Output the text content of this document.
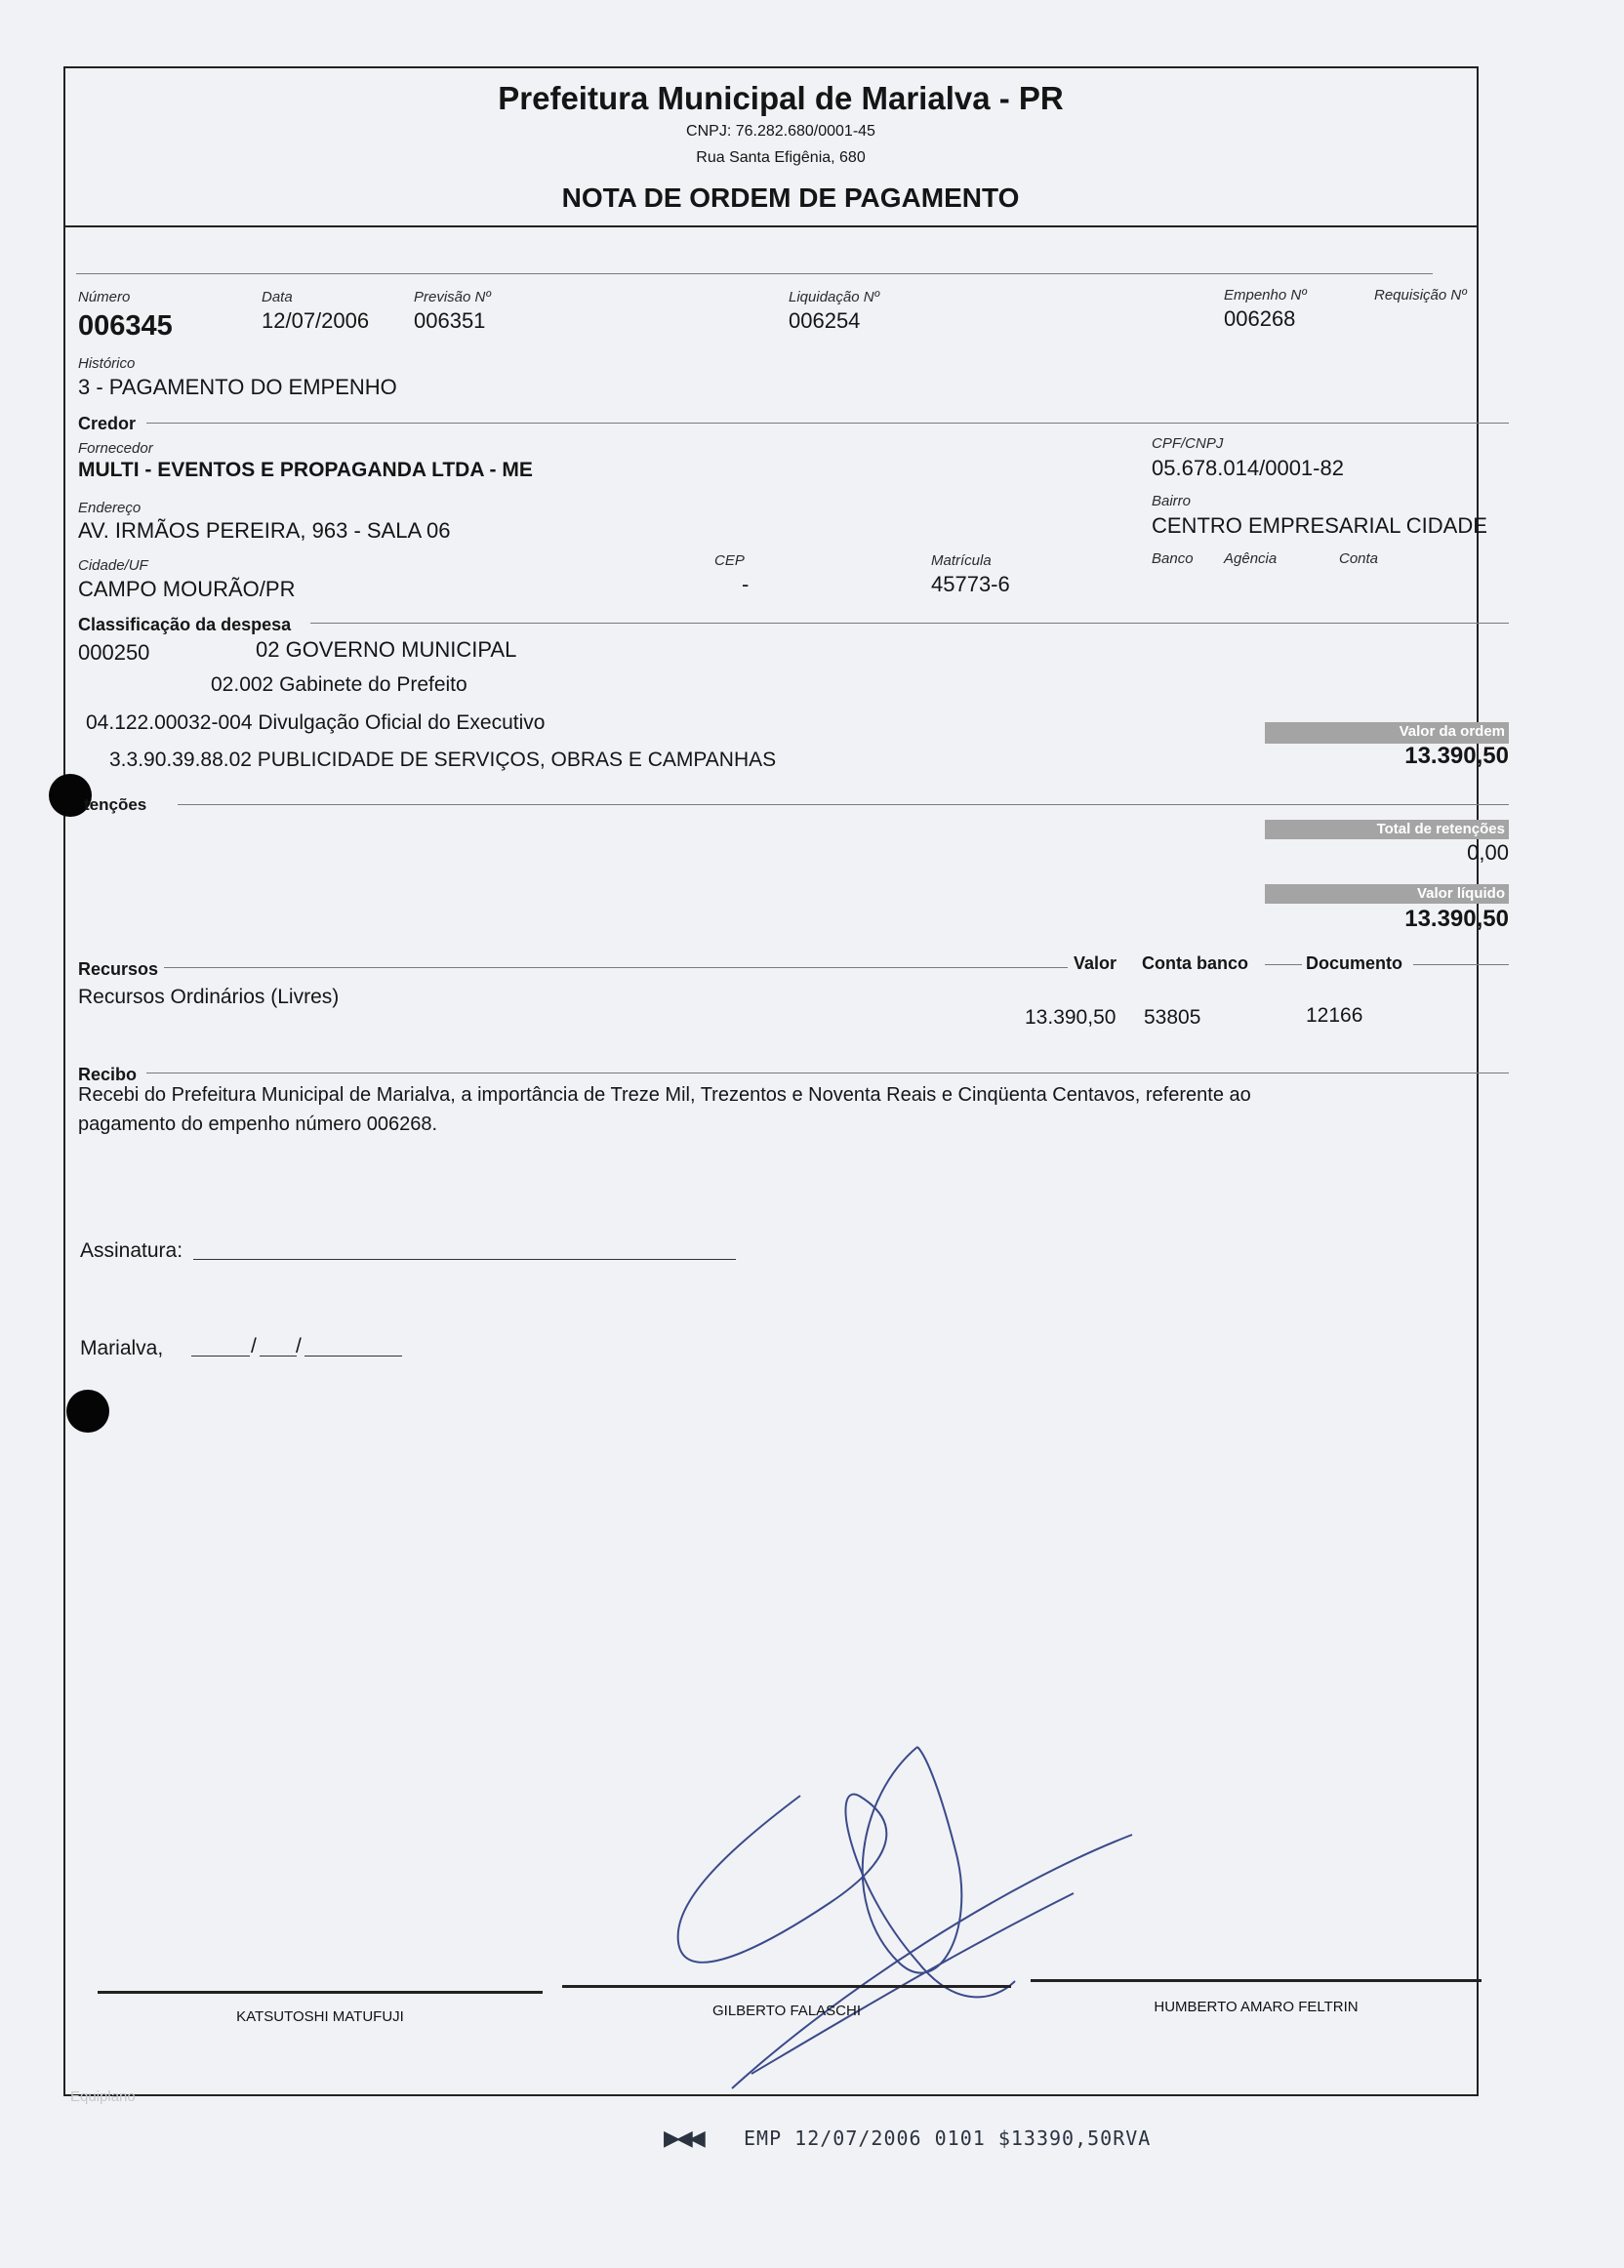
Prefeitura Municipal de Marialva - PR
CNPJ: 76.282.680/0001-45
Rua Santa Efigênia, 680
NOTA DE ORDEM DE PAGAMENTO
Número
006345
Data
12/07/2006
Previsão Nº
006351
Liquidação Nº
006254
Empenho Nº
006268
Requisição Nº
Histórico
3 - PAGAMENTO DO EMPENHO
Credor
Fornecedor
MULTI - EVENTOS E PROPAGANDA LTDA - ME
CPF/CNPJ
05.678.014/0001-82
Endereço
AV. IRMÃOS PEREIRA, 963 - SALA 06
Bairro
CENTRO EMPRESARIAL CIDADE
Cidade/UF
CAMPO MOURÃO/PR
CEP
-
Matrícula
45773-6
Banco Agência	Conta
Classificação da despesa
000250	02 GOVERNO MUNICIPAL
02.002 Gabinete do Prefeito
04.122.00032-004 Divulgação Oficial do Executivo
3.3.90.39.88.02 PUBLICIDADE DE SERVIÇOS, OBRAS E CAMPANHAS
Valor da ordem
13.390,50
tenções
Total de retenções
0,00
Valor líquido
13.390,50
Recursos	Valor Conta banco	Documento
Recursos Ordinários (Livres)
13.390,50 53805	12166
Recibo
Recebi do Prefeitura Municipal de Marialva, a importância de Treze Mil, Trezentos e Noventa Reais e Cinqüenta Centavos, referente ao
pagamento do empenho número 006268.
Assinatura:
Marialva,	/ /
KATSUTOSHI MATUFUJI	GILBERTO FALASCHI	HUMBERTO AMARO FELTRIN
Equiplano
▶◀◀ EMP 12/07/2006 0101 $13390,50RVA
